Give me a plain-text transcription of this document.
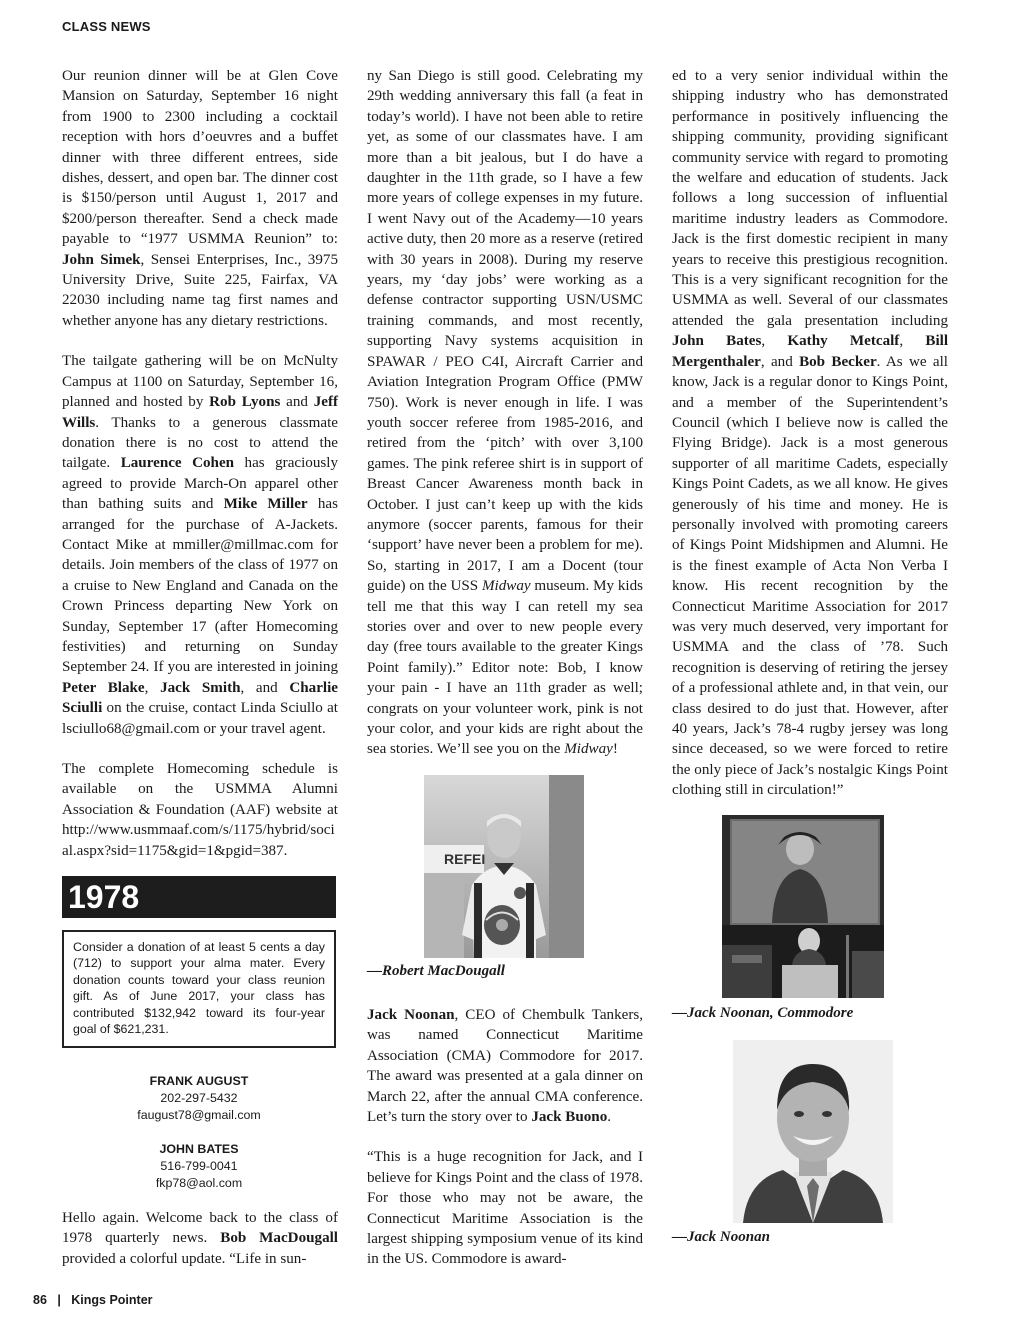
CLASS NEWS

Our reunion dinner will be at Glen Cove Mansion on Saturday, September 16 night from 1900 to 2300 including a cocktail reception with hors d’oeuvres and a buffet dinner with three different entrees, side dishes, dessert, and open bar. The dinner cost is $150/person until August 1, 2017 and $200/person thereafter. Send a check made payable to “1977 USMMA Reunion” to: John Simek, Sensei Enterprises, Inc., 3975 University Drive, Suite 225, Fairfax, VA 22030 including name tag first names and whether anyone has any dietary restrictions.

The tailgate gathering will be on McNulty Campus at 1100 on Saturday, September 16, planned and hosted by Rob Lyons and Jeff Wills. Thanks to a generous classmate donation there is no cost to attend the tailgate. Laurence Cohen has graciously agreed to provide March-On apparel other than bathing suits and Mike Miller has arranged for the purchase of A-Jackets. Contact Mike at mmiller@millmac.com for details. Join members of the class of 1977 on a cruise to New England and Canada on the Crown Princess departing New York on Sunday, September 17 (after Homecoming festivities) and returning on Sunday September 24. If you are interested in joining Peter Blake, Jack Smith, and Charlie Sciulli on the cruise, contact Linda Sciullo at lsciullo68@gmail.com or your travel agent.

The complete Homecoming schedule is available on the USMMA Alumni Association & Foundation (AAF) website at http://www.usmmaaf.com/s/1175/hybrid/social.aspx?sid=1175&gid=1&pgid=387.

1978
Consider a donation of at least 5 cents a day (712) to support your alma mater. Every donation counts toward your class reunion gift. As of June 2017, your class has contributed $132,942 toward its four-year goal of $621,231.
FRANK AUGUST
202-297-5432
faugust78@gmail.com
JOHN BATES
516-799-0041
fkp78@aol.com

Hello again. Welcome back to the class of 1978 quarterly news. Bob MacDougall provided a colorful update. “Life in sun-

ny San Diego is still good. Celebrating my 29th wedding anniversary this fall (a feat in today’s world). I have not been able to retire yet, as some of our classmates have. I am more than a bit jealous, but I do have a daughter in the 11th grade, so I have a few more years of college expenses in my future. I went Navy out of the Academy—10 years active duty, then 20 more as a reserve (retired with 30 years in 2008). During my reserve years, my ‘day jobs’ were working as a defense contractor supporting USN/USMC training commands, and most recently, supporting Navy systems acquisition in SPAWAR / PEO C4I, Aircraft Carrier and Aviation Integration Program Office (PMW 750). Work is never enough in life. I was youth soccer referee from 1985-2016, and retired from the ‘pitch’ with over 3,100 games. The pink referee shirt is in support of Breast Cancer Awareness month back in October. I just can’t keep up with the kids anymore (soccer parents, famous for their ‘support’ have never been a problem for me). So, starting in 2017, I am a Docent (tour guide) on the USS Midway museum. My kids tell me that this way I can retell my sea stories over and over to new people every day (free tours available to the greater Kings Point family).” Editor note: Bob, I know your pain - I have an 11th grader as well; congrats on your volunteer work, pink is not your color, and your kids are right about the sea stories. We’ll see you on the Midway!

REFEI
—Robert MacDougall

Jack Noonan, CEO of Chembulk Tankers, was named Connecticut Maritime Association (CMA) Commodore for 2017. The award was presented at a gala dinner on March 22, after the annual CMA conference. Let’s turn the story over to Jack Buono.

“This is a huge recognition for Jack, and I believe for Kings Point and the class of 1978. For those who may not be aware, the Connecticut Maritime Association is the largest shipping symposium venue of its kind in the US. Commodore is award-

ed to a very senior individual within the shipping industry who has demonstrated performance in positively influencing the shipping community, providing significant community service with regard to promoting the welfare and education of students. Jack follows a long succession of influential maritime industry leaders as Commodore. Jack is the first domestic recipient in many years to receive this prestigious recognition. This is a very significant recognition for the USMMA as well. Several of our classmates attended the gala presentation including John Bates, Kathy Metcalf, Bill Mergenthaler, and Bob Becker. As we all know, Jack is a regular donor to Kings Point, and a member of the Superintendent’s Council (which I believe now is called the Flying Bridge). Jack is a most generous supporter of all maritime Cadets, especially Kings Point Cadets, as we all know. He gives generously of his time and money. He is personally involved with promoting careers of Kings Point Midshipmen and Alumni. He is the finest example of Acta Non Verba I know. His recent recognition by the Connecticut Maritime Association for 2017 was very much deserved, very important for USMMA and the class of ’78. Such recognition is deserving of retiring the jersey of a professional athlete and, in that vein, our class desired to do just that. However, after 40 years, Jack’s 78-4 rugby jersey was long since deceased, so we were forced to retire the only piece of Jack’s nostalgic Kings Point clothing still in circulation!”

—Jack Noonan, Commodore
—Jack Noonan
86 | Kings Pointer
